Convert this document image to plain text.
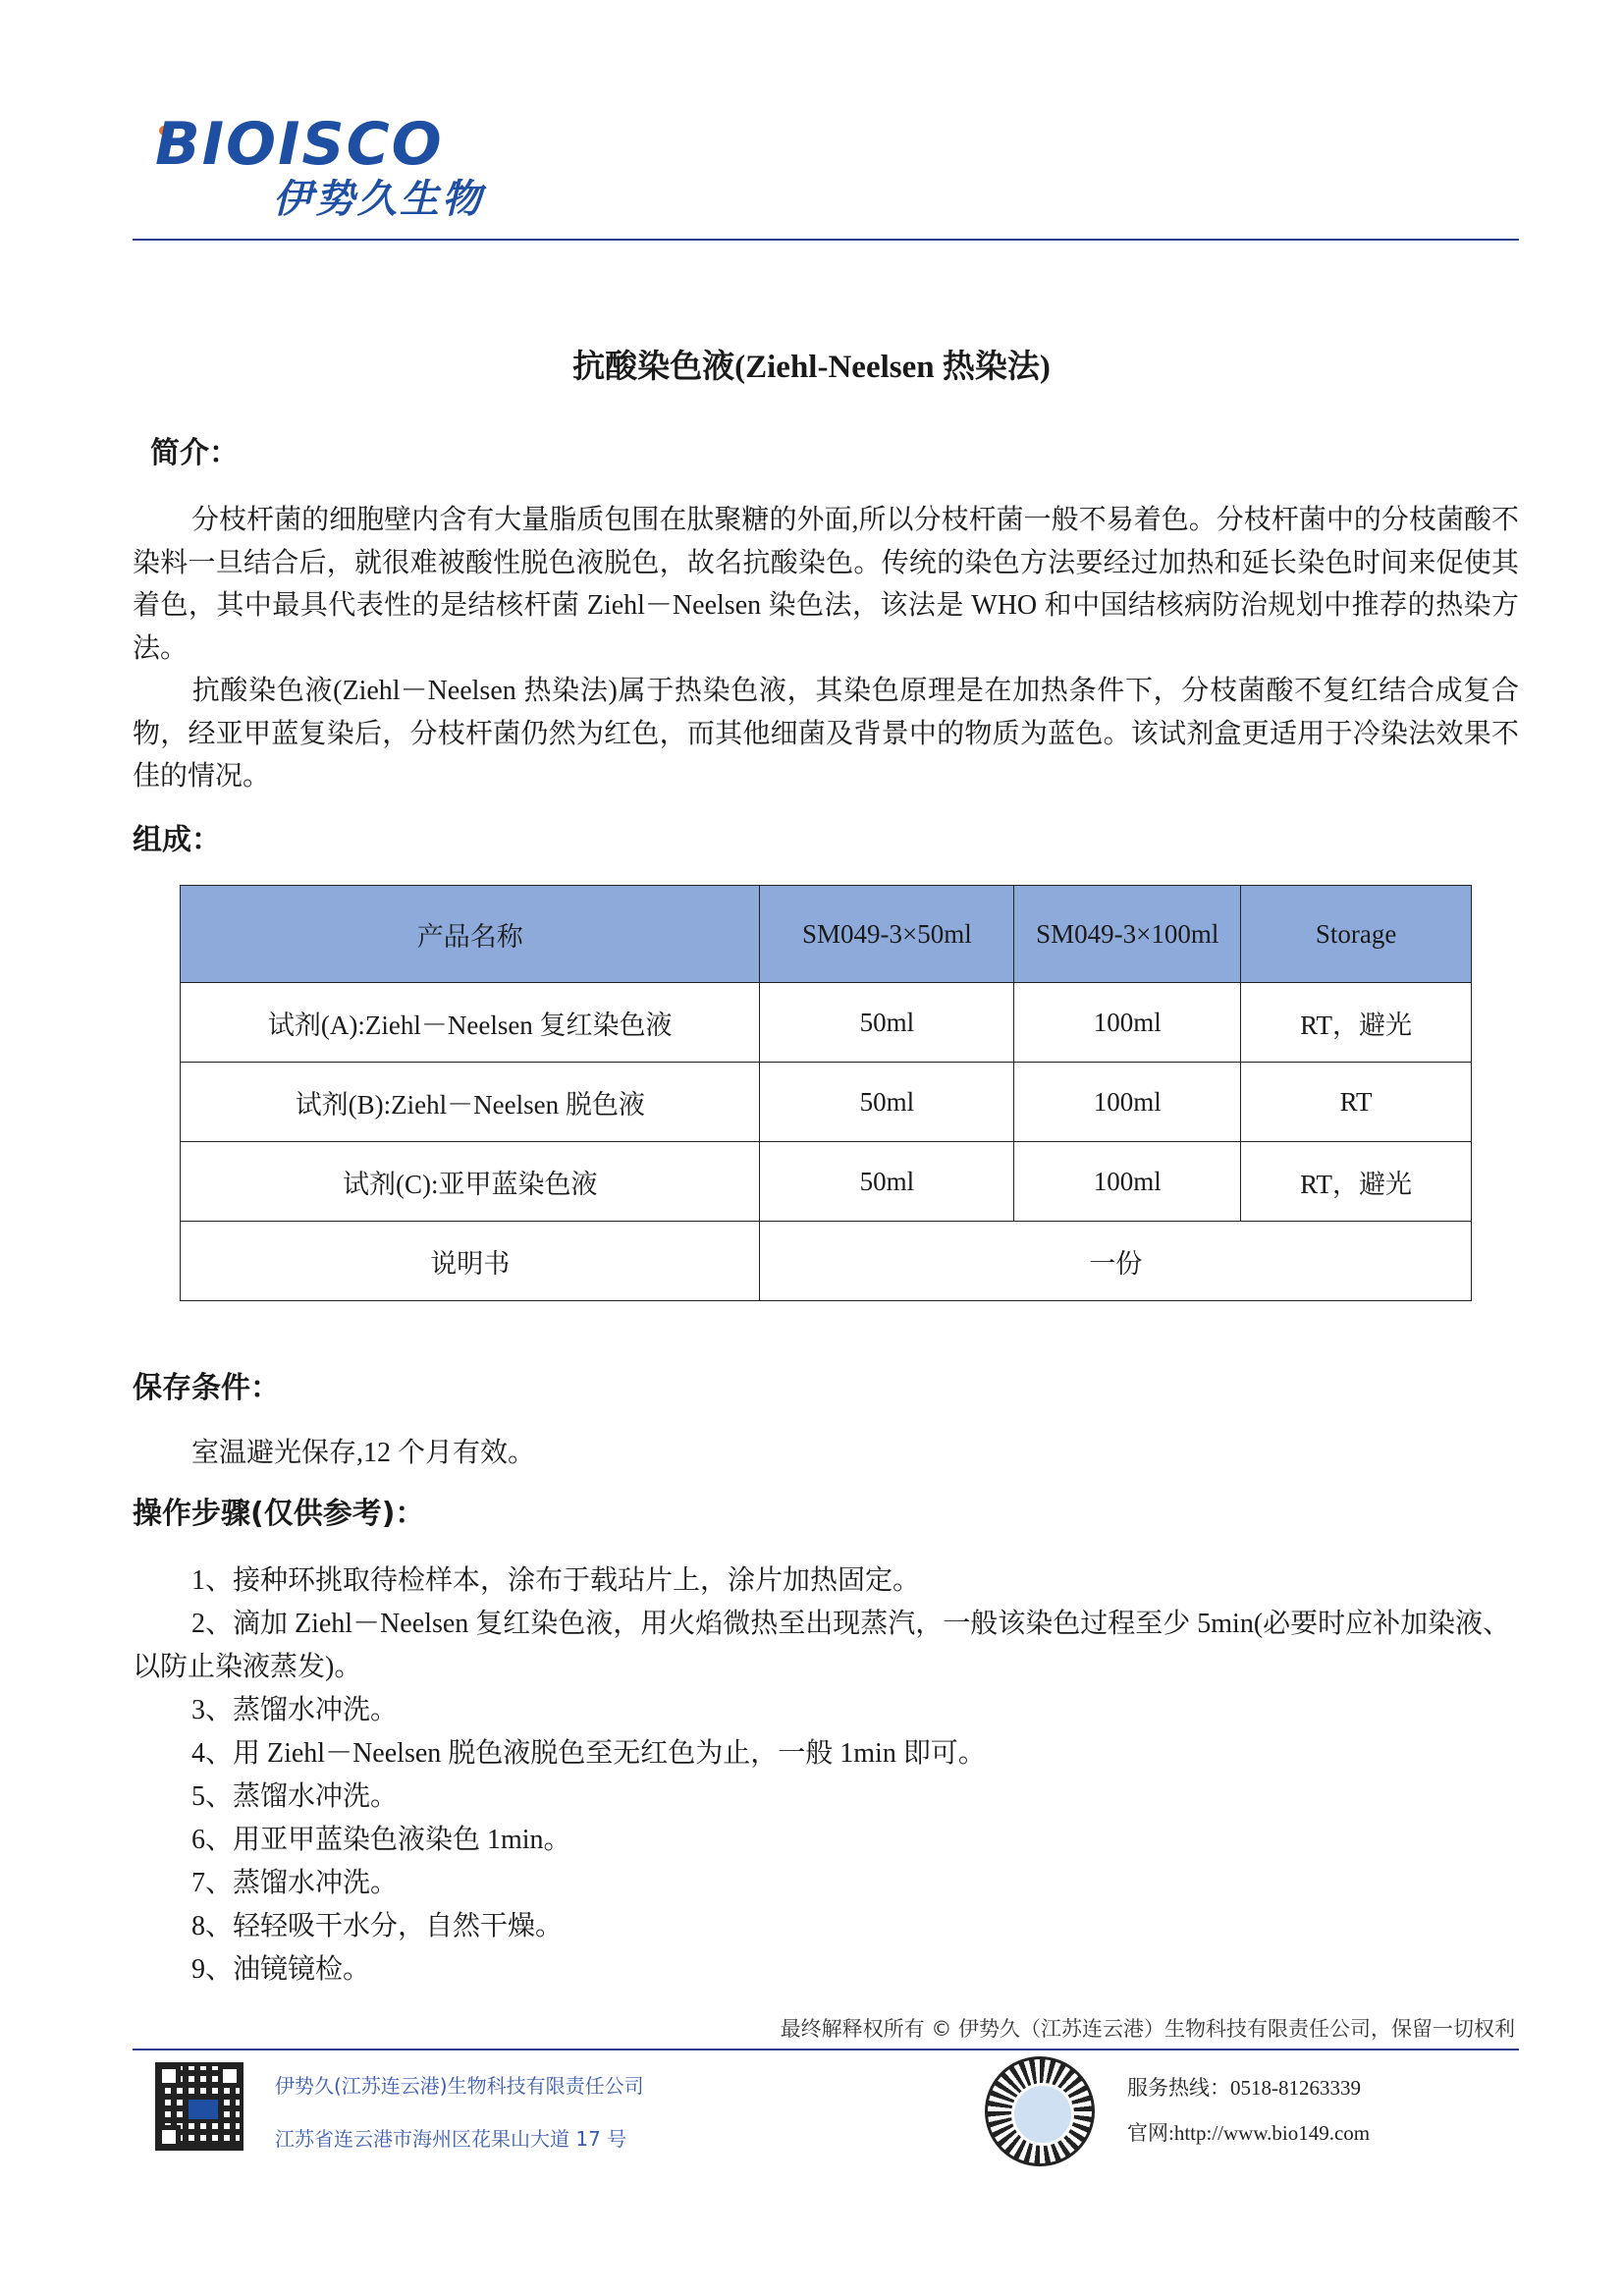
BIOISCO
伊势久生物
抗酸染色液(Ziehl-Neelsen 热染法)
简介：
分枝杆菌的细胞壁内含有大量脂质包围在肽聚糖的外面,所以分枝杆菌一般不易着色。分枝杆菌中的分枝菌酸不染料一旦结合后，就很难被酸性脱色液脱色，故名抗酸染色。传统的染色方法要经过加热和延长染色时间来促使其着色，其中最具代表性的是结核杆菌 Ziehl－Neelsen 染色法，该法是 WHO 和中国结核病防治规划中推荐的热染方法。
抗酸染色液(Ziehl－Neelsen 热染法)属于热染色液，其染色原理是在加热条件下，分枝菌酸不复红结合成复合物，经亚甲蓝复染后，分枝杆菌仍然为红色，而其他细菌及背景中的物质为蓝色。该试剂盒更适用于冷染法效果不佳的情况。
组成：
产品名称	SM049-3×50ml	SM049-3×100ml	Storage
试剂(A):Ziehl－Neelsen 复红染色液	50ml	100ml	RT，避光
试剂(B):Ziehl－Neelsen 脱色液	50ml	100ml	RT
试剂(C):亚甲蓝染色液	50ml	100ml	RT，避光
说明书	一份		
保存条件：
室温避光保存,12 个月有效。
操作步骤(仅供参考)：
1、接种环挑取待检样本，涂布于载玷片上，涂片加热固定。
2、滴加 Ziehl－Neelsen 复红染色液，用火焰微热至出现蒸汽，一般该染色过程至少 5min(必要时应补加染液、以防止染液蒸发)。
3、蒸馏水冲洗。
4、用 Ziehl－Neelsen 脱色液脱色至无红色为止，一般 1min 即可。
5、蒸馏水冲洗。
6、用亚甲蓝染色液染色 1min。
7、蒸馏水冲洗。
8、轻轻吸干水分，自然干燥。
9、油镜镜检。
最终解释权所有 © 伊势久（江苏连云港）生物科技有限责任公司，保留一切权利
伊势久(江苏连云港)生物科技有限责任公司
江苏省连云港市海州区花果山大道 17 号
服务热线：0518-81263339
官网:http://www.bio149.com
